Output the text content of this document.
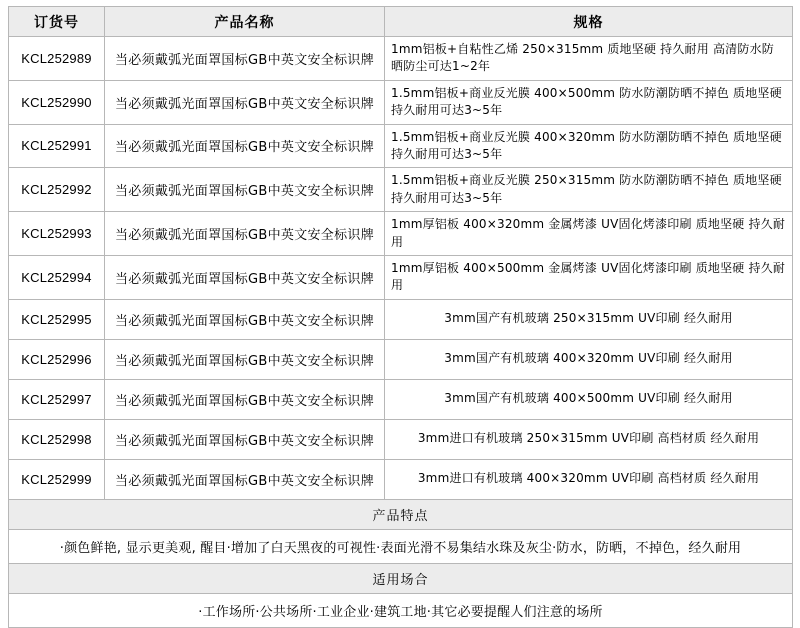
订货号	产品名称	规格
KCL252989	当必须戴弧光面罩国标GB中英文安全标识牌	1mm铝板+自粘性乙烯 250×315mm 质地坚硬 持久耐用 高清防水防晒防尘可达1~2年
KCL252990	当必须戴弧光面罩国标GB中英文安全标识牌	1.5mm铝板+商业反光膜 400×500mm 防水防潮防晒不掉色 质地坚硬 持久耐用可达3~5年
KCL252991	当必须戴弧光面罩国标GB中英文安全标识牌	1.5mm铝板+商业反光膜 400×320mm 防水防潮防晒不掉色 质地坚硬 持久耐用可达3~5年
KCL252992	当必须戴弧光面罩国标GB中英文安全标识牌	1.5mm铝板+商业反光膜 250×315mm 防水防潮防晒不掉色 质地坚硬 持久耐用可达3~5年
KCL252993	当必须戴弧光面罩国标GB中英文安全标识牌	1mm厚铝板 400×320mm 金属烤漆 UV固化烤漆印刷 质地坚硬 持久耐用
KCL252994	当必须戴弧光面罩国标GB中英文安全标识牌	1mm厚铝板 400×500mm 金属烤漆 UV固化烤漆印刷 质地坚硬 持久耐用
KCL252995	当必须戴弧光面罩国标GB中英文安全标识牌	3mm国产有机玻璃 250×315mm UV印刷 经久耐用
KCL252996	当必须戴弧光面罩国标GB中英文安全标识牌	3mm国产有机玻璃 400×320mm UV印刷 经久耐用
KCL252997	当必须戴弧光面罩国标GB中英文安全标识牌	3mm国产有机玻璃 400×500mm UV印刷 经久耐用
KCL252998	当必须戴弧光面罩国标GB中英文安全标识牌	3mm进口有机玻璃 250×315mm UV印刷 高档材质 经久耐用
KCL252999	当必须戴弧光面罩国标GB中英文安全标识牌	3mm进口有机玻璃 400×320mm UV印刷 高档材质 经久耐用
产品特点		
·颜色鲜艳, 显示更美观, 醒目·增加了白天黑夜的可视性·表面光滑不易集结水珠及灰尘·防水，防晒，不掉色，经久耐用		
适用场合		
·工作场所·公共场所·工业企业·建筑工地·其它必要提醒人们注意的场所		
